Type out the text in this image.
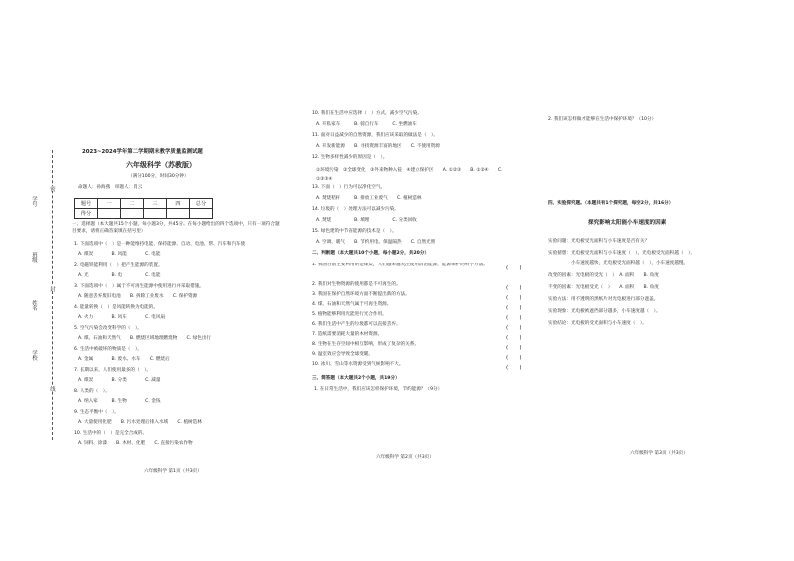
学号
班级
姓名
学校
密
封
线
2023~2024学年第二学期期末教学质量监测试题
六年级科学（苏教版）
（满分100分，时间30分钟）
命题人：孙海燕　审题人：肖云
题号	一	二	三	四	总分
得分					
一、选择题（本大题共15个小题，每小题3分，共45分。在每小题给出的四个选项中，只有一项符合题目要求，请将正确答案填在括号里）
1. 下面选项中（　）是一种能维持电能、保持能源、自动、电池、帮、汽车和汽车使
A. 煤炭　　　　B. 风能　　　　C. 电能
2. 电磁铁能利用（　）把产生能源的装置。
A. 光　　　　　B. 电　　　　　C. 电能
3. 下面选项中（　）属于不可再生能源中使用进行并采取措施。
A. 随意丢弃废旧电池　　B. 拆除工业废水　　C. 保护资源
4. 能量转换（　）是风能转换为电能的。
A. 火力　　　　B. 风车　　　　C. 电风扇
5. 空气污染会改变科学的（　）。
A. 煤、石油和天然气　　B. 燃烧区域地理燃烧物　　C. 绿色出行
6. 生活中被破坏的物质是（　）。
A. 金属　　　　B. 废水、水车　　C. 燃烧后
7. 长期以来，人们使用最多的（　）。
A. 煤炭　　　　B. 分类　　　　C. 减量
8. 人类的（　）。
A. 纳入家　　　B. 生物　　　　C. 金钱
9. 生态平衡中（　）。
A. 大量使用化肥　　B. 污水处理后排入水域　　C. 植树造林
10. 生活中的（　）是完全合成的。
A. 饲料、涂漆　　B. 木材、化肥　　C. 直接污染农作物
六年级科学 第1页（共3页）
10. 我们在生活中应选择（　）方式，减少空气污染。
A. 开私家车　　　B. 骑自行车　　　C. 坐燃油车
11. 面对日益减少的自然资源，我们应该采取的做法是（　）。
A. 开发新能源　　B. 寻找资源丰富的地区　　C. 不使用资源
12. 生物多样性减少的原因是（　）。
①环境污染　②全球变化　③外来物种入侵　④建立保护区　　A. ①②③　　B. ①②④　　C. ①②③④
13. 下面（　）行为可以净化空气。
A. 焚烧秸秆　　　B. 排放工业废气　　C. 植树造林
14. 垃圾的（　）处理方法可以减少污染。
A. 焚烧　　　　　B. 填埋　　　　　C. 分类回收
15. 绿色建筑中节省能源的技术是（　）。
A. 空调、暖气　　B. 节约用电、保温隔热　　C. 自然光照
二、判断题（本大题共10个小题，每小题2分，共20分）
1. 我国目前主要利用的是煤炭，人们越来越关注使用清洁能源，能源保护的科学方法。
(　　)
2. 我们对生物资源的使用都是不可再生的。
(　　)
3. 我国在保护自然环境方面不断提出新的方法。
(　　)
4. 煤、石油和天然气属于可再生资源。
(　　)
5. 植物能够利用光能进行光合作用。
(　　)
6. 我们生活中产生的垃圾都可以直接丢弃。
(　　)
7. 造纸需要消耗大量的木材资源。
(　　)
8. 生物在生存空间中相互影响，形成了复杂的关系。
(　　)
9. 温室效应会导致全球变暖。
(　　)
10. 冰川、雪山等水资源受到气候影响不大。
(　　)
三、简答题（本大题共2个小题，共19分）
1. 在日常生活中，我们应该怎样保护环境，节约能源？（9分）
六年级科学 第2页（共3页）
2. 我们该怎样做才能够在生活中保护环境？（10分）
四、实验探究题。（本题共有1个探究题，每空2分，共16分）
探究影响太阳能小车速度的因素
实验问题：光电板受光面积与小车速度是否有关？
实验猜想：光电板受光面积与小车速度（　）。光电板受光面积越（　），
　　　　　小车速度越快，光电板受光面积越（　），小车速度越慢。
改变的因素：光电板的受光（　）　A. 面积　　B. 角度
不变的因素：光电板受光（　）　　A. 面积　　B. 角度
实验方法：用不透明的黑纸片对光电板进行部分遮盖。
实验现象：光电板被遮挡部分越多，小车速度越（　）。
实验结论：光电板的受光面积与小车速度（　）。
六年级科学 第3页（共3页）
